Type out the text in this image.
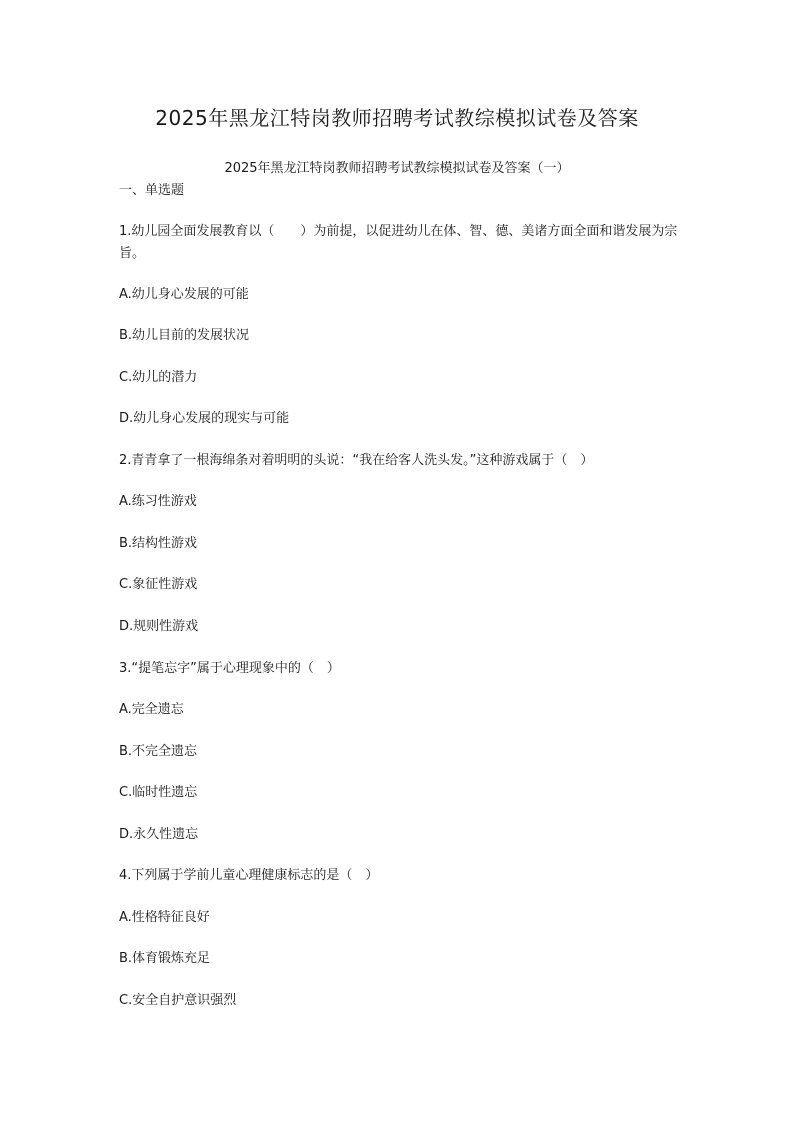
2025年黑龙江特岗教师招聘考试教综模拟试卷及答案
2025年黑龙江特岗教师招聘考试教综模拟试卷及答案（一）
一、单选题
1.幼儿园全面发展教育以（　　）为前提，以促进幼儿在体、智、德、美诸方面全面和谐发展为宗旨。
A.幼儿身心发展的可能
B.幼儿目前的发展状况
C.幼儿的潜力
D.幼儿身心发展的现实与可能
2.青青拿了一根海绵条对着明明的头说：“我在给客人洗头发。”这种游戏属于（　）
A.练习性游戏
B.结构性游戏
C.象征性游戏
D.规则性游戏
3.“提笔忘字”属于心理现象中的（　）
A.完全遗忘
B.不完全遗忘
C.临时性遗忘
D.永久性遗忘
4.下列属于学前儿童心理健康标志的是（　）
A.性格特征良好
B.体育锻炼充足
C.安全自护意识强烈
